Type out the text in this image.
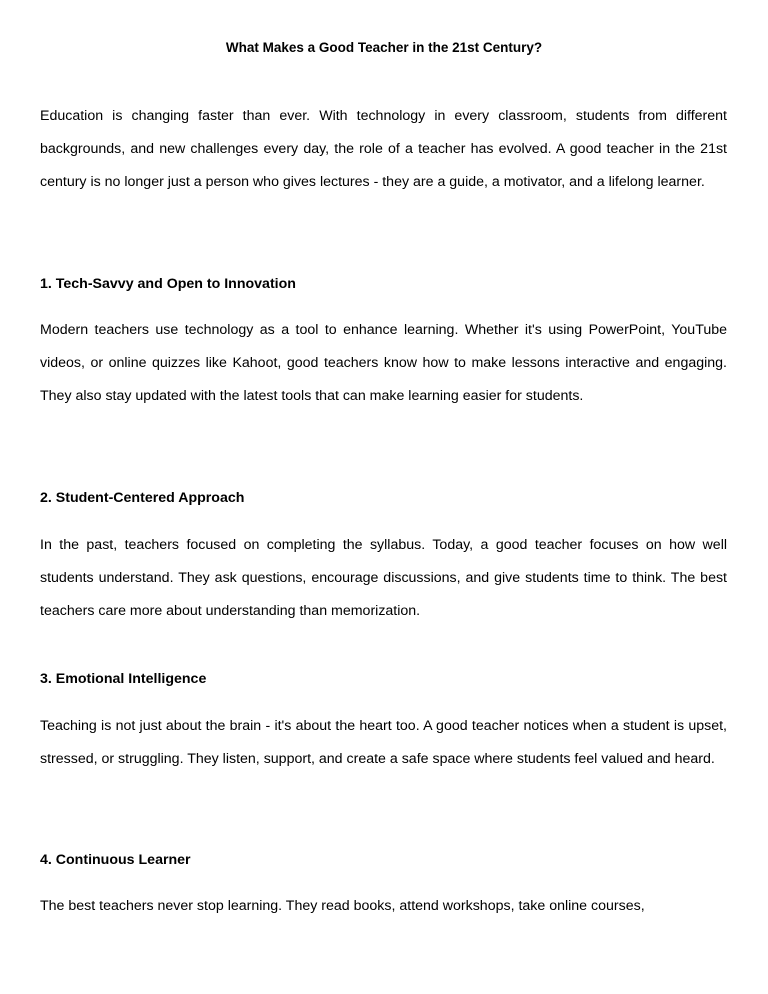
What Makes a Good Teacher in the 21st Century?

Education is changing faster than ever. With technology in every classroom, students from different backgrounds, and new challenges every day, the role of a teacher has evolved. A good teacher in the 21st century is no longer just a person who gives lectures - they are a guide, a motivator, and a lifelong learner.

1. Tech-Savvy and Open to Innovation

Modern teachers use technology as a tool to enhance learning. Whether it's using PowerPoint, YouTube videos, or online quizzes like Kahoot, good teachers know how to make lessons interactive and engaging. They also stay updated with the latest tools that can make learning easier for students.

2. Student-Centered Approach

In the past, teachers focused on completing the syllabus. Today, a good teacher focuses on how well students understand. They ask questions, encourage discussions, and give students time to think. The best teachers care more about understanding than memorization.

3. Emotional Intelligence

Teaching is not just about the brain - it's about the heart too. A good teacher notices when a student is upset, stressed, or struggling. They listen, support, and create a safe space where students feel valued and heard.

4. Continuous Learner

The best teachers never stop learning. They read books, attend workshops, take online courses,
